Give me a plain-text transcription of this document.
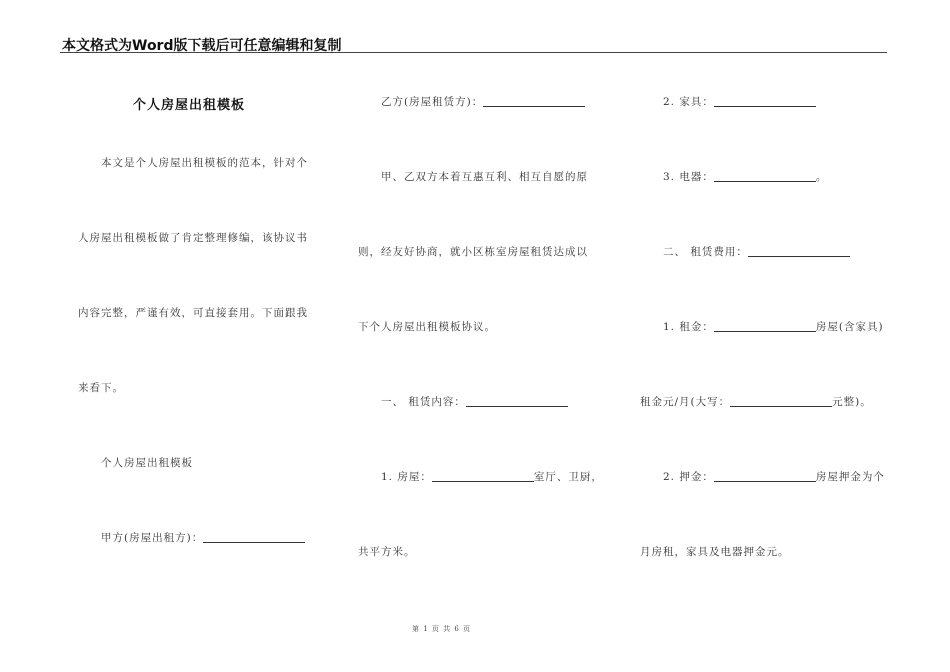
本文格式为Word版下载后可任意编辑和复制
个人房屋出租模板
本文是个人房屋出租模板的范本，针对个
人房屋出租模板做了肯定整理修编，该协议书
内容完整，严谨有效，可直接套用。下面跟我
来看下。
个人房屋出租模板
甲方(房屋出租方)：
乙方(房屋租赁方)：
甲、乙双方本着互惠互利、相互自愿的原
则，经友好协商，就小区栋室房屋租赁达成以
下个人房屋出租模板协议。
一、 租赁内容：
1. 房屋：	室厅、卫厨，
共平方米。
2. 家具：
3. 电器：	。
二、 租赁费用：
1. 租金：	房屋(含家具)
租金元/月(大写：	元整)。
2. 押金：	房屋押金为个
月房租，家具及电器押金元。
第 1 页 共 6 页
